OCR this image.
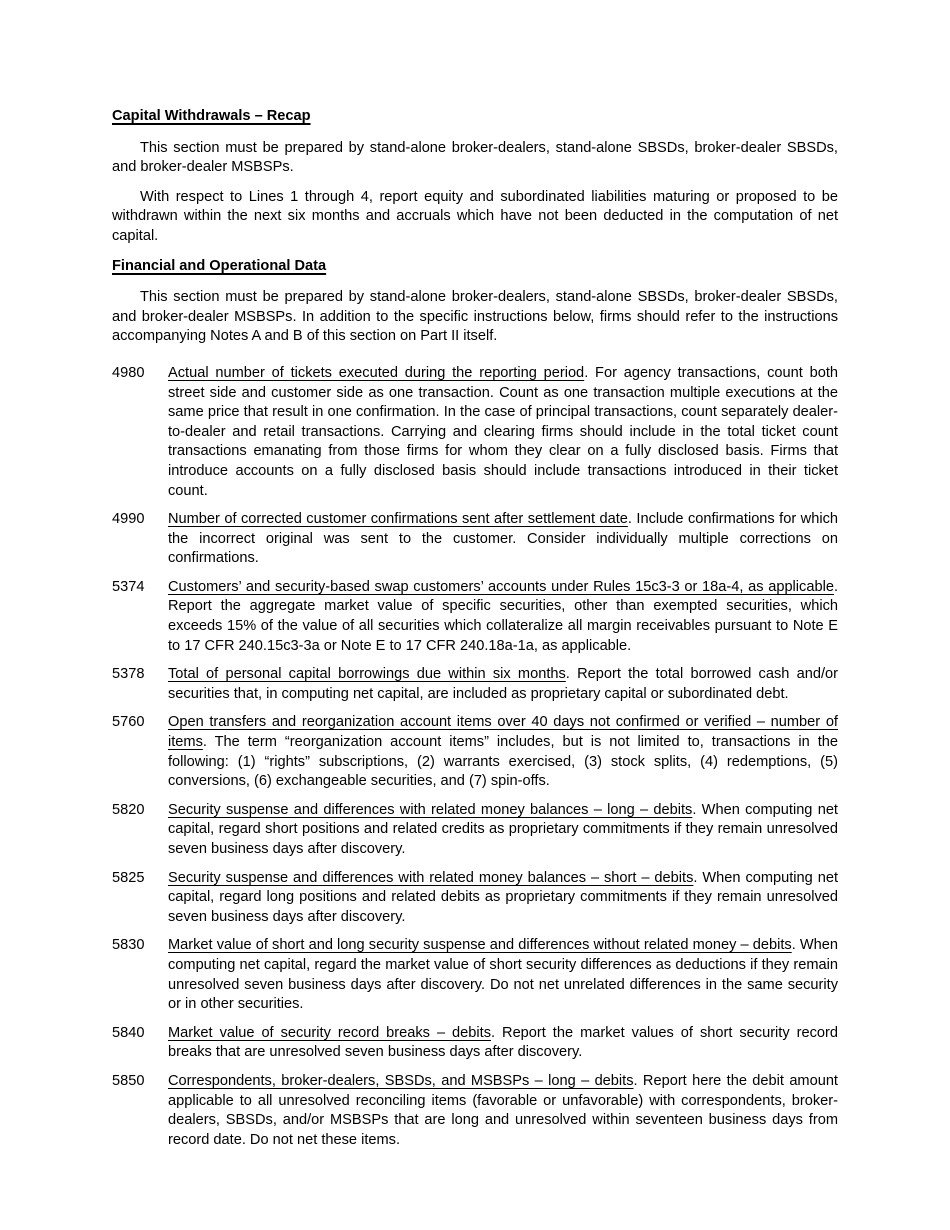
Capital Withdrawals – Recap

This section must be prepared by stand-alone broker-dealers, stand-alone SBSDs, broker-dealer SBSDs, and broker-dealer MSBSPs.

With respect to Lines 1 through 4, report equity and subordinated liabilities maturing or proposed to be withdrawn within the next six months and accruals which have not been deducted in the computation of net capital.

Financial and Operational Data

This section must be prepared by stand-alone broker-dealers, stand-alone SBSDs, broker-dealer SBSDs, and broker-dealer MSBSPs. In addition to the specific instructions below, firms should refer to the instructions accompanying Notes A and B of this section on Part II itself.

4980 Actual number of tickets executed during the reporting period. For agency transactions, count both street side and customer side as one transaction. Count as one transaction multiple executions at the same price that result in one confirmation. In the case of principal transactions, count separately dealer-to-dealer and retail transactions. Carrying and clearing firms should include in the total ticket count transactions emanating from those firms for whom they clear on a fully disclosed basis. Firms that introduce accounts on a fully disclosed basis should include transactions introduced in their ticket count.
4990 Number of corrected customer confirmations sent after settlement date. Include confirmations for which the incorrect original was sent to the customer. Consider individually multiple corrections on confirmations.
5374 Customers’ and security-based swap customers’ accounts under Rules 15c3-3 or 18a-4, as applicable. Report the aggregate market value of specific securities, other than exempted securities, which exceeds 15% of the value of all securities which collateralize all margin receivables pursuant to Note E to 17 CFR 240.15c3-3a or Note E to 17 CFR 240.18a-1a, as applicable.
5378 Total of personal capital borrowings due within six months. Report the total borrowed cash and/or securities that, in computing net capital, are included as proprietary capital or subordinated debt.
5760 Open transfers and reorganization account items over 40 days not confirmed or verified – number of items. The term “reorganization account items” includes, but is not limited to, transactions in the following: (1) “rights” subscriptions, (2) warrants exercised, (3) stock splits, (4) redemptions, (5) conversions, (6) exchangeable securities, and (7) spin-offs.
5820 Security suspense and differences with related money balances – long – debits. When computing net capital, regard short positions and related credits as proprietary commitments if they remain unresolved seven business days after discovery.
5825 Security suspense and differences with related money balances – short – debits. When computing net capital, regard long positions and related debits as proprietary commitments if they remain unresolved seven business days after discovery.
5830 Market value of short and long security suspense and differences without related money – debits. When computing net capital, regard the market value of short security differences as deductions if they remain unresolved seven business days after discovery. Do not net unrelated differences in the same security or in other securities.
5840 Market value of security record breaks – debits. Report the market values of short security record breaks that are unresolved seven business days after discovery.
5850 Correspondents, broker-dealers, SBSDs, and MSBSPs – long – debits. Report here the debit amount applicable to all unresolved reconciling items (favorable or unfavorable) with correspondents, broker-dealers, SBSDs, and/or MSBSPs that are long and unresolved within seventeen business days from record date. Do not net these items.
